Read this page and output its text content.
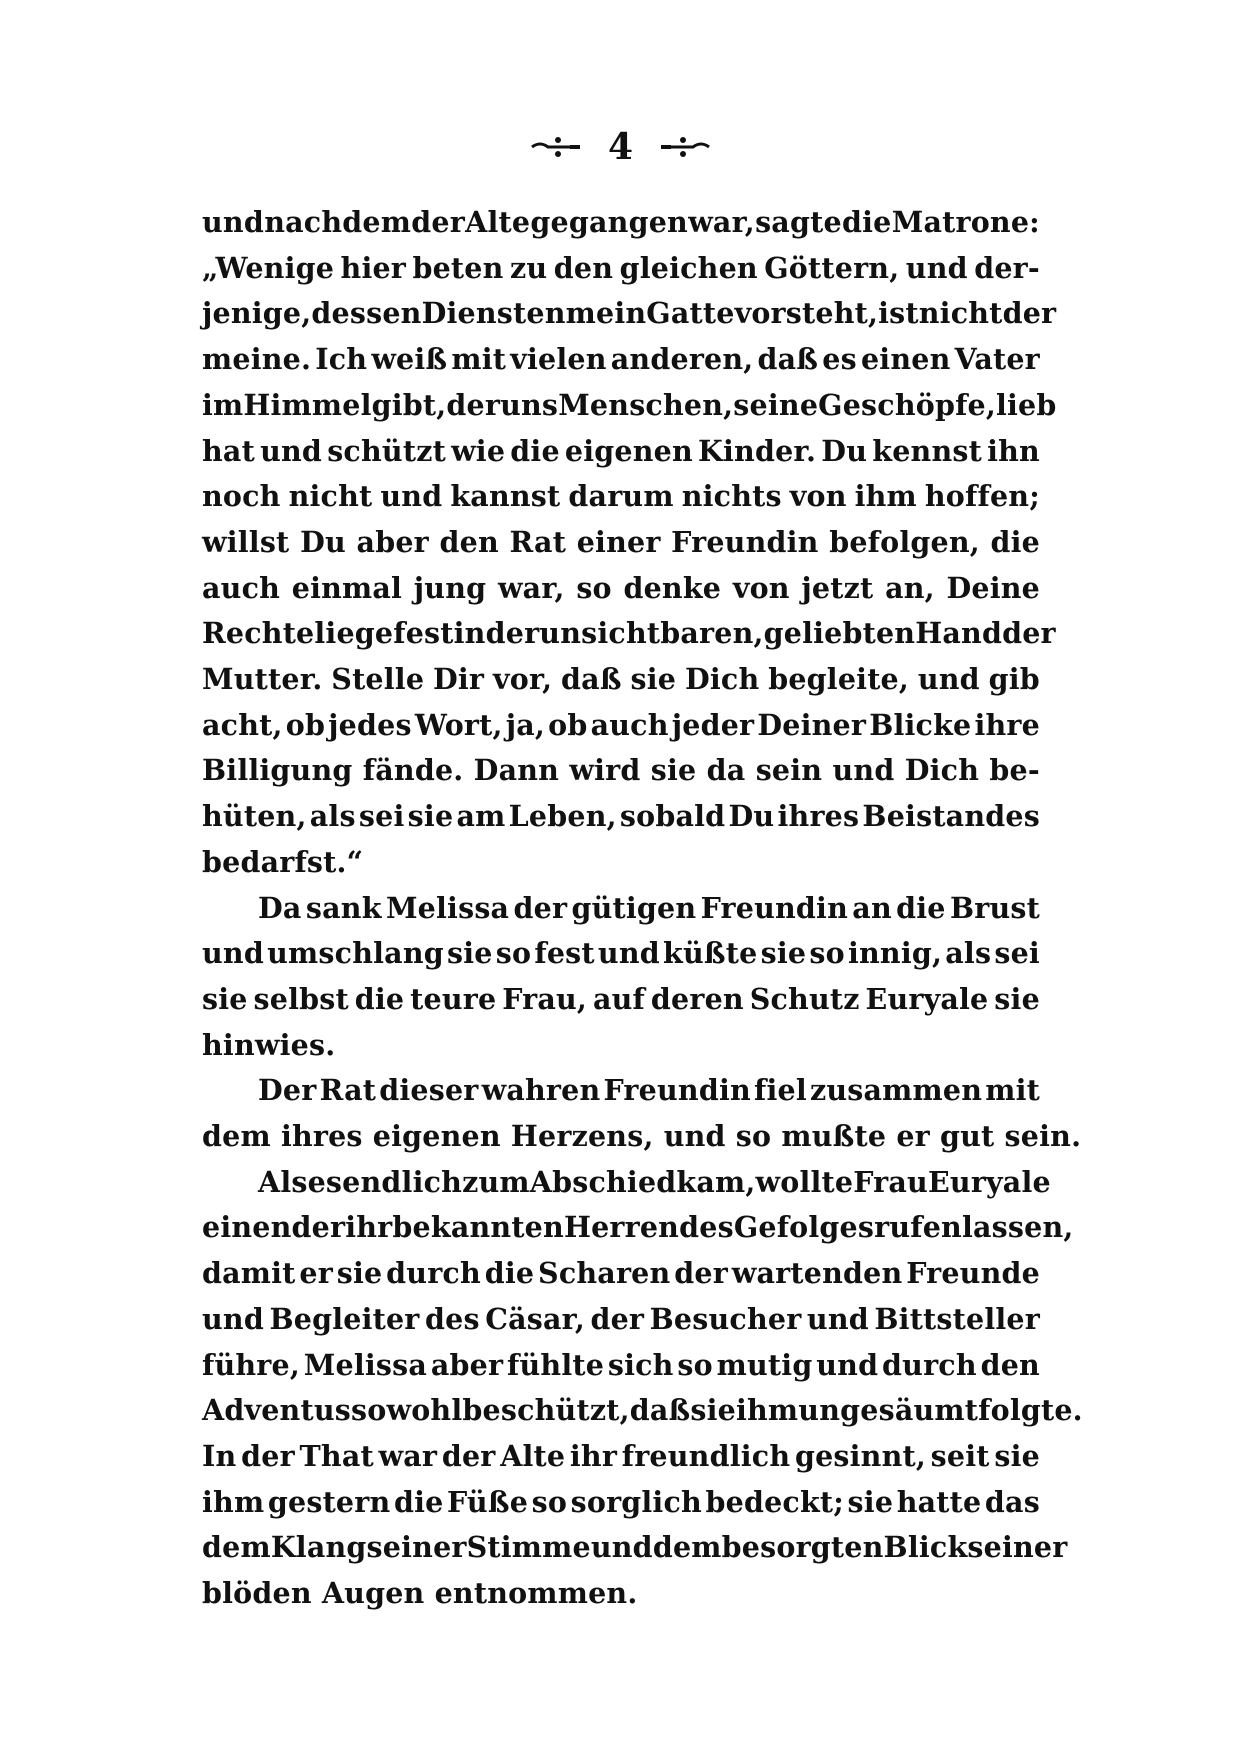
4
und nachdem der Alte gegangen war, sagte die Matrone:
„Wenige hier beten zu den gleichen Göttern, und der-
jenige, dessen Diensten mein Gatte vorsteht, ist nicht der
meine. Ich weiß mit vielen anderen, daß es einen Vater
im Himmel gibt, der uns Menschen, seine Geschöpfe, lieb
hat und schützt wie die eigenen Kinder. Du kennst ihn
noch nicht und kannst darum nichts von ihm hoffen;
willst Du aber den Rat einer Freundin befolgen, die
auch einmal jung war, so denke von jetzt an, Deine
Rechte liege fest in der unsichtbaren, geliebten Hand der
Mutter. Stelle Dir vor, daß sie Dich begleite, und gib
acht, ob jedes Wort, ja, ob auch jeder Deiner Blicke ihre
Billigung fände. Dann wird sie da sein und Dich be-
hüten, als sei sie am Leben, sobald Du ihres Beistandes
bedarfst.“
Da sank Melissa der gütigen Freundin an die Brust
und umschlang sie so fest und küßte sie so innig, als sei
sie selbst die teure Frau, auf deren Schutz Euryale sie
hinwies.
Der Rat dieser wahren Freundin fiel zusammen mit
dem ihres eigenen Herzens, und so mußte er gut sein.
Als es endlich zum Abschied kam, wollte Frau Euryale
einen der ihr bekannten Herren des Gefolges rufen lassen,
damit er sie durch die Scharen der wartenden Freunde
und Begleiter des Cäsar, der Besucher und Bittsteller
führe, Melissa aber fühlte sich so mutig und durch den
Adventus so wohl beschützt, daß sie ihm ungesäumt folgte.
In der That war der Alte ihr freundlich gesinnt, seit sie
ihm gestern die Füße so sorglich bedeckt; sie hatte das
dem Klang seiner Stimme und dem besorgten Blick seiner
blöden Augen entnommen.
